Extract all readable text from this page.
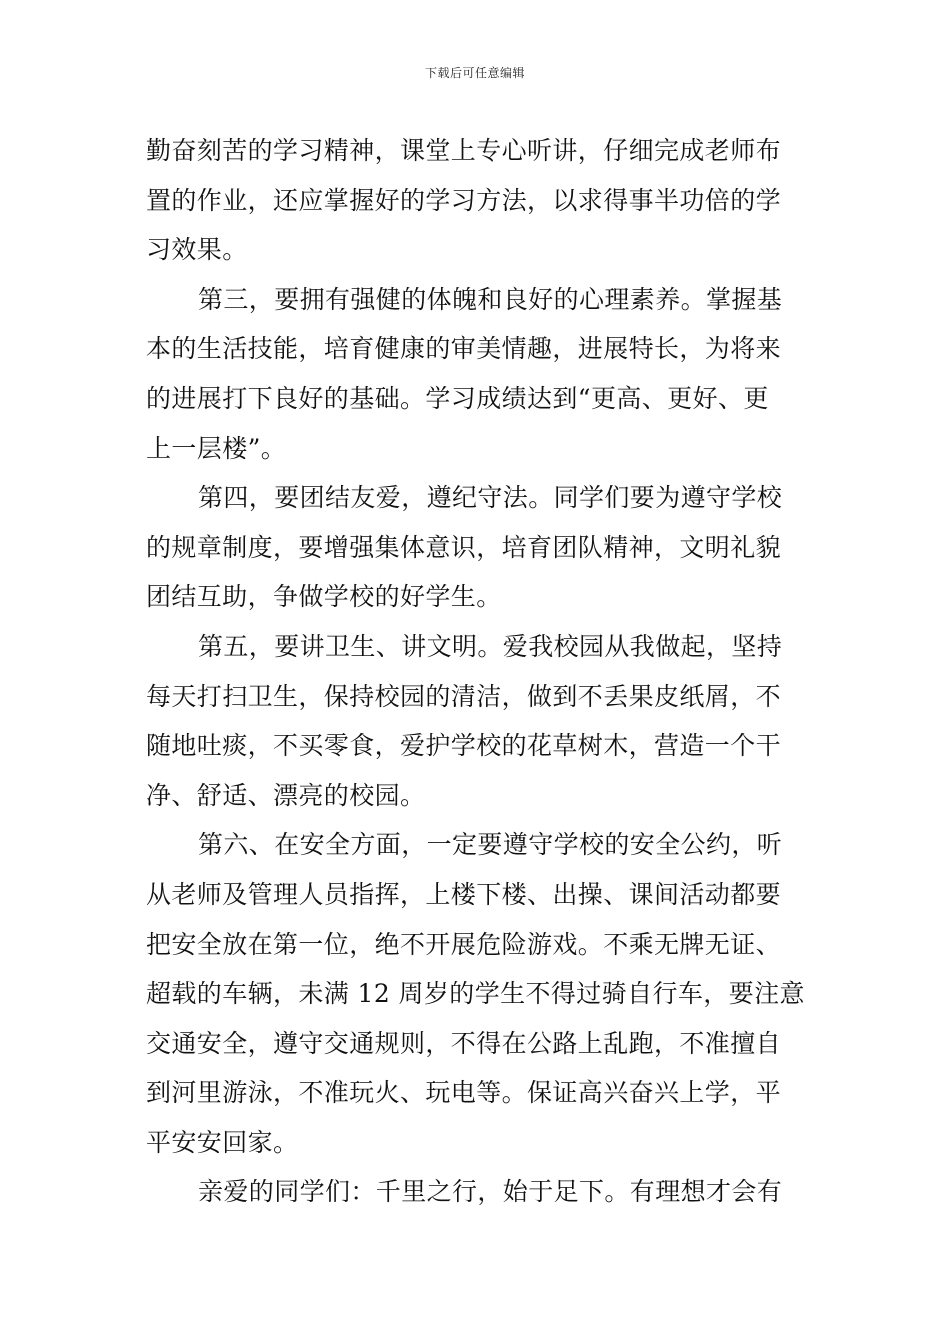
下载后可任意编辑
勤奋刻苦的学习精神，课堂上专心听讲，仔细完成老师布
置的作业，还应掌握好的学习方法，以求得事半功倍的学
习效果。
第三，要拥有强健的体魄和良好的心理素养。掌握基
本的生活技能，培育健康的审美情趣，进展特长，为将来
的进展打下良好的基础。学习成绩达到“更高、更好、更
上一层楼”。
第四，要团结友爱，遵纪守法。同学们要为遵守学校
的规章制度，要增强集体意识，培育团队精神，文明礼貌
团结互助，争做学校的好学生。
第五，要讲卫生、讲文明。爱我校园从我做起，坚持
每天打扫卫生，保持校园的清洁，做到不丢果皮纸屑，不
随地吐痰，不买零食，爱护学校的花草树木，营造一个干
净、舒适、漂亮的校园。
第六、在安全方面，一定要遵守学校的安全公约，听
从老师及管理人员指挥，上楼下楼、出操、课间活动都要
把安全放在第一位，绝不开展危险游戏。不乘无牌无证、
超载的车辆，未满 12 周岁的学生不得过骑自行车，要注意
交通安全，遵守交通规则，不得在公路上乱跑，不准擅自
到河里游泳，不准玩火、玩电等。保证高兴奋兴上学，平
平安安回家。
亲爱的同学们：千里之行，始于足下。有理想才会有
